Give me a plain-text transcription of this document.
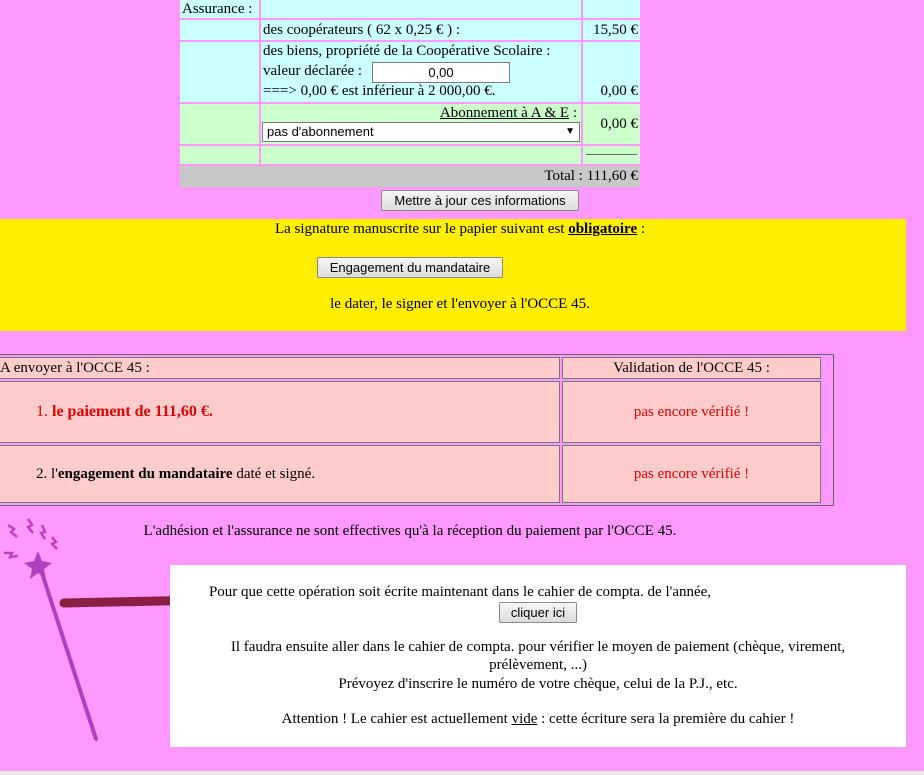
Assurance :
des coopérateurs ( 62 x 0,25 € ) :	15,50 €
des biens, propriété de la Coopérative Scolaire :
valeur déclarée :	0,00
===> 0,00 € est inférieur à 2 000,00 €.	0,00 €
Abonnement à A & E :
pas d'abonnement	▼	0,00 €
Total : 111,60 €
Mettre à jour ces informations
La signature manuscrite sur le papier suivant est obligatoire :
Engagement du mandataire
le dater, le signer et l'envoyer à l'OCCE 45.
A envoyer à l'OCCE 45 :	Validation de l'OCCE 45 :
1. le paiement de 111,60 €.	pas encore vérifié !
2. l'engagement du mandataire daté et signé.	pas encore vérifié !
L'adhésion et l'assurance ne sont effectives qu'à la réception du paiement par l'OCCE 45.
Pour que cette opération soit écrite maintenant dans le cahier de compta. de l'année,
cliquer ici
Il faudra ensuite aller dans le cahier de compta. pour vérifier le moyen de paiement (chèque, virement,
prélèvement, ...)
Prévoyez d'inscrire le numéro de votre chèque, celui de la P.J., etc.
Attention ! Le cahier est actuellement vide : cette écriture sera la première du cahier !
